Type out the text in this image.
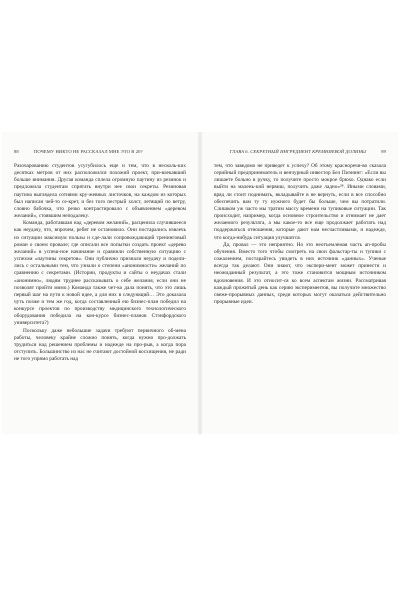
88	ПОЧЕМУ НИКТО НЕ РАССКАЗАЛ МНЕ ЭТО В 20?

Разочарованию студентов усугубилось еще и тем, что в несколь-ких десятках метров от них расположился похожий проект, при-влекавший больше внимания. Другая команда сплела огромную паутину из резинок и предложила студентам спрятать внутри нее свои секреты. Резиновая паутина выглядела сотнями кру-жевных листочков, на каждом из которых был написан чей-то се-крет, и без того пестрый холст, летящий по ветру, словно бабочка, что резко контрастировало с объявлением «деревом желаний», стоявшим неподалеку.

Команда, работавшая над «деревом желаний», расценила случившееся как неудачу, что, впрочем, ребят не остановило. Они постарались извлечь из ситуации максимум пользы и сде-лали сопровождающий тренинговый роман о своем провале; где описали все попытки создать проект «дерево желаний» в успеш-ное начинание и сравнили собственную ситуацию с успехом «паутины секретов». Они публично признали неудачу и подели-лись с остальными тем, что узнали о степени «анонимности» желаний по сравнению с секретами. (Истории, продукты и сайты о неудачах стали «анонимно», людям труднее рассказывать о себе желания, если они не позволят пройти мимо.) Команда также чет-ко дала понять, что это лишь первый шаг на пути к новой идее, а для них в следующий… Это доказала чуть позже и тем же год, когда составленный ею бизнес-план победил на конкурсе проектов по производству медицинского технологического оборудования победила на кон-курсе бизнес-планов Стэнфордского университета?)

Поскольку даже небольшие задачи требуют первичного об-мена работы, человеку крайне сложно понять, когда нужно про-должать трудиться над решением проблемы и надежде на про-рыв, а когда пора отступить. Большинство из нас не считают достойной восхищения, не ради не того упрямо работать над

ГЛАВА 6. СЕКРЕТНЫЙ ИНГРЕДИЕНТ КРЕМНИЕВОЙ ДОЛИНЫ	89

тем, что заведомо не приведет к успеху? Об этому красноречи-во сказала серийный предприниматель и венчурный инвестор Бел Пиэнинг: «Если вы лишаете больно в ручку, то получите просто мокрое брюхо. Однако если выйти на малень-кий нервиш, получить даже ладно»²⁸. Иными словами, вряд ли стоит поднимать, вкладывайте в не вернуть, если в все способно обеспечить вам ту ту нужного будет бы больше, чем вы потратили. Слишком уж часто мы тратим массу времени на тупиковые ситуации. Так происходит, например, когда основное строительство и отнимает не дает желаемого результата, а мы какое-то все еще продолжает работать над поддержаться отношения, которые дают нам несчастливыми, и надежде, что когда-нибудь ситуация улучшится.

Да, провал — это неприятно. Но это неотъемлемая часть ап-пробы обучения. Вместо того чтобы смотреть на свои фальстар-ты и тупики с сожалением, постарайтесь увидеть в них источник «данных». Ученые всегда так делают. Они знают, что экспери-мент может принести и неожиданный результат, а это тоже становится мощным источником вдохновения. И это относит-ся ко всем аспектам жизни. Рассматривая каждый прожитый день как серию экспериментов, вы получите множество свеже-прорывных данных, среди которых могут оказаться действительно прорывные идеи.
